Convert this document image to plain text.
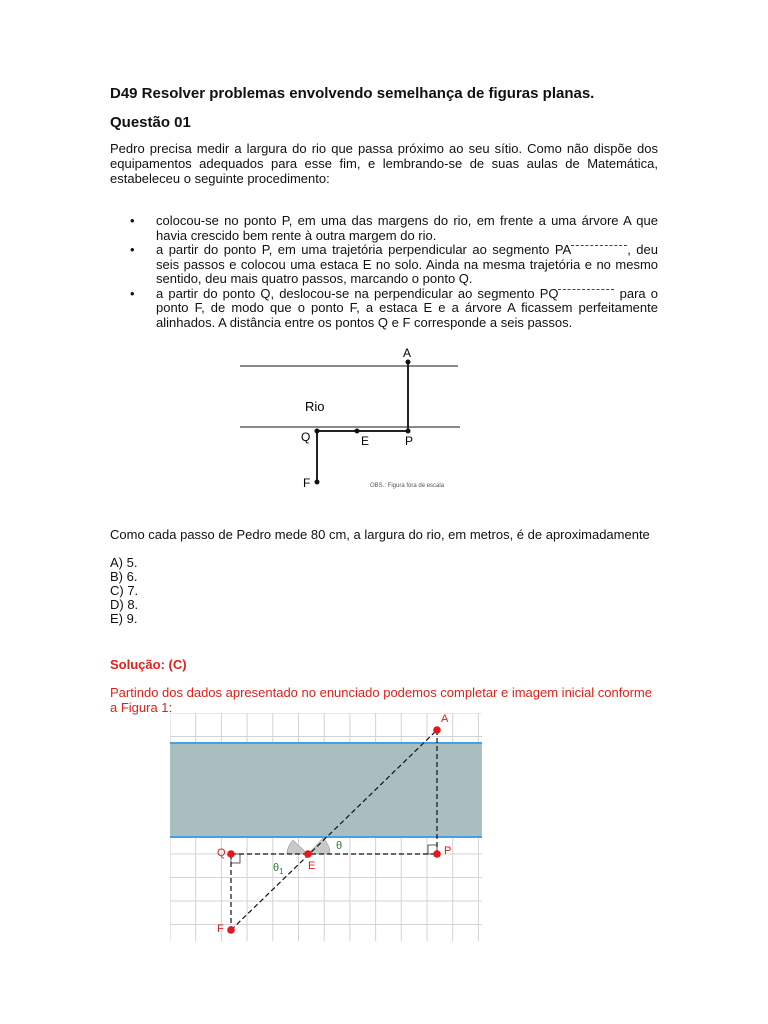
D49 Resolver problemas envolvendo semelhança de figuras planas.
Questão 01
Pedro precisa medir a largura do rio que passa próximo ao seu sítio. Como não dispõe dos equipamentos adequados para esse fim, e lembrando-se de suas aulas de Matemática, estabeleceu o seguinte procedimento:
• colocou-se no ponto P, em uma das margens do rio, em frente a uma árvore A que havia crescido bem rente à outra margem do rio.
• a partir do ponto P, em uma trajetória perpendicular ao segmento PA	, deu seis passos e colocou uma estaca E no solo. Ainda na mesma trajetória e no mesmo sentido, deu mais quatro passos, marcando o ponto Q.
• a partir do ponto Q, deslocou-se na perpendicular ao segmento PQ	para o ponto F, de modo que o ponto F, a estaca E e a árvore A ficassem perfeitamente alinhados. A distância entre os pontos Q e F corresponde a seis passos.
A
Rio
Q	E	P
F	OBS.: Figura fora de escala
Como cada passo de Pedro mede 80 cm, a largura do rio, em metros, é de aproximadamente
A) 5.
B) 6.
C) 7.
D) 8.
E) 9.
Solução: (C)
Partindo dos dados apresentado no enunciado podemos completar e imagem inicial conforme a Figura 1:
A
Q
E
P
F
θ
$\theta_1$
